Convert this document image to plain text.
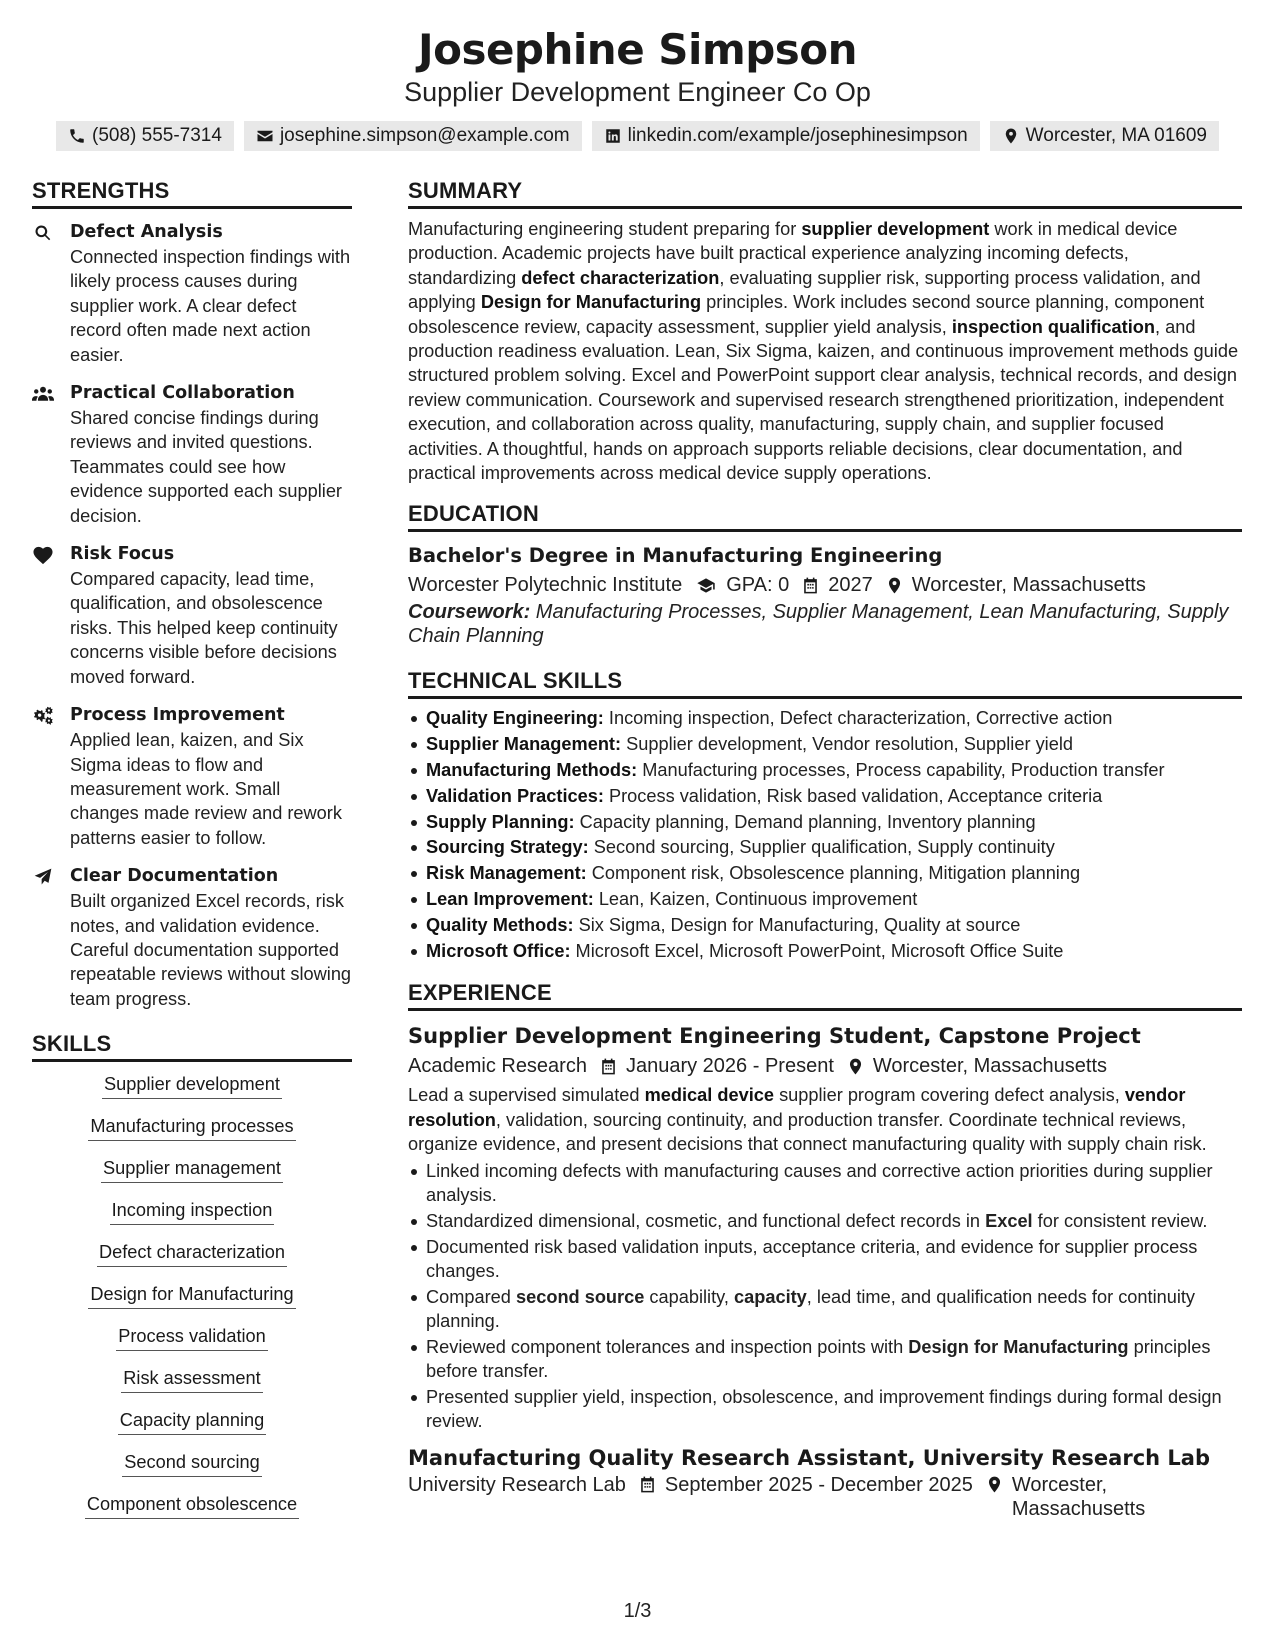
Josephine Simpson
Supplier Development Engineer Co Op
(508) 555-7314	josephine.simpson@example.com	linkedin.com/example/josephinesimpson	Worcester, MA 01609
STRENGTHS
Defect Analysis
Connected inspection findings with likely process causes during supplier work. A clear defect record often made next action easier.
Practical Collaboration
Shared concise findings during reviews and invited questions. Teammates could see how evidence supported each supplier decision.
Risk Focus
Compared capacity, lead time, qualification, and obsolescence risks. This helped keep continuity concerns visible before decisions moved forward.
Process Improvement
Applied lean, kaizen, and Six Sigma ideas to flow and measurement work. Small changes made review and rework patterns easier to follow.
Clear Documentation
Built organized Excel records, risk notes, and validation evidence. Careful documentation supported repeatable reviews without slowing team progress.
SKILLS
Supplier development
Manufacturing processes
Supplier management
Incoming inspection
Defect characterization
Design for Manufacturing
Process validation
Risk assessment
Capacity planning
Second sourcing
Component obsolescence
SUMMARY
Manufacturing engineering student preparing for supplier development work in medical device production. Academic projects have built practical experience analyzing incoming defects, standardizing defect characterization, evaluating supplier risk, supporting process validation, and applying Design for Manufacturing principles. Work includes second source planning, component obsolescence review, capacity assessment, supplier yield analysis, inspection qualification, and production readiness evaluation. Lean, Six Sigma, kaizen, and continuous improvement methods guide structured problem solving. Excel and PowerPoint support clear analysis, technical records, and design review communication. Coursework and supervised research strengthened prioritization, independent execution, and collaboration across quality, manufacturing, supply chain, and supplier focused activities. A thoughtful, hands on approach supports reliable decisions, clear documentation, and practical improvements across medical device supply operations.
EDUCATION
Bachelor's Degree in Manufacturing Engineering
Worcester Polytechnic Institute GPA: 0 2027 Worcester, Massachusetts
Coursework: Manufacturing Processes, Supplier Management, Lean Manufacturing, Supply Chain Planning
TECHNICAL SKILLS
Quality Engineering: Incoming inspection, Defect characterization, Corrective action
Supplier Management: Supplier development, Vendor resolution, Supplier yield
Manufacturing Methods: Manufacturing processes, Process capability, Production transfer
Validation Practices: Process validation, Risk based validation, Acceptance criteria
Supply Planning: Capacity planning, Demand planning, Inventory planning
Sourcing Strategy: Second sourcing, Supplier qualification, Supply continuity
Risk Management: Component risk, Obsolescence planning, Mitigation planning
Lean Improvement: Lean, Kaizen, Continuous improvement
Quality Methods: Six Sigma, Design for Manufacturing, Quality at source
Microsoft Office: Microsoft Excel, Microsoft PowerPoint, Microsoft Office Suite
EXPERIENCE
Supplier Development Engineering Student, Capstone Project
Academic Research January 2026 - Present Worcester, Massachusetts
Lead a supervised simulated medical device supplier program covering defect analysis, vendor resolution, validation, sourcing continuity, and production transfer. Coordinate technical reviews, organize evidence, and present decisions that connect manufacturing quality with supply chain risk.
Linked incoming defects with manufacturing causes and corrective action priorities during supplier analysis.
Standardized dimensional, cosmetic, and functional defect records in Excel for consistent review.
Documented risk based validation inputs, acceptance criteria, and evidence for supplier process changes.
Compared second source capability, capacity, lead time, and qualification needs for continuity planning.
Reviewed component tolerances and inspection points with Design for Manufacturing principles before transfer.
Presented supplier yield, inspection, obsolescence, and improvement findings during formal design review.
Manufacturing Quality Research Assistant, University Research Lab
University Research Lab September 2025 - December 2025 Worcester, Massachusetts
1/3
